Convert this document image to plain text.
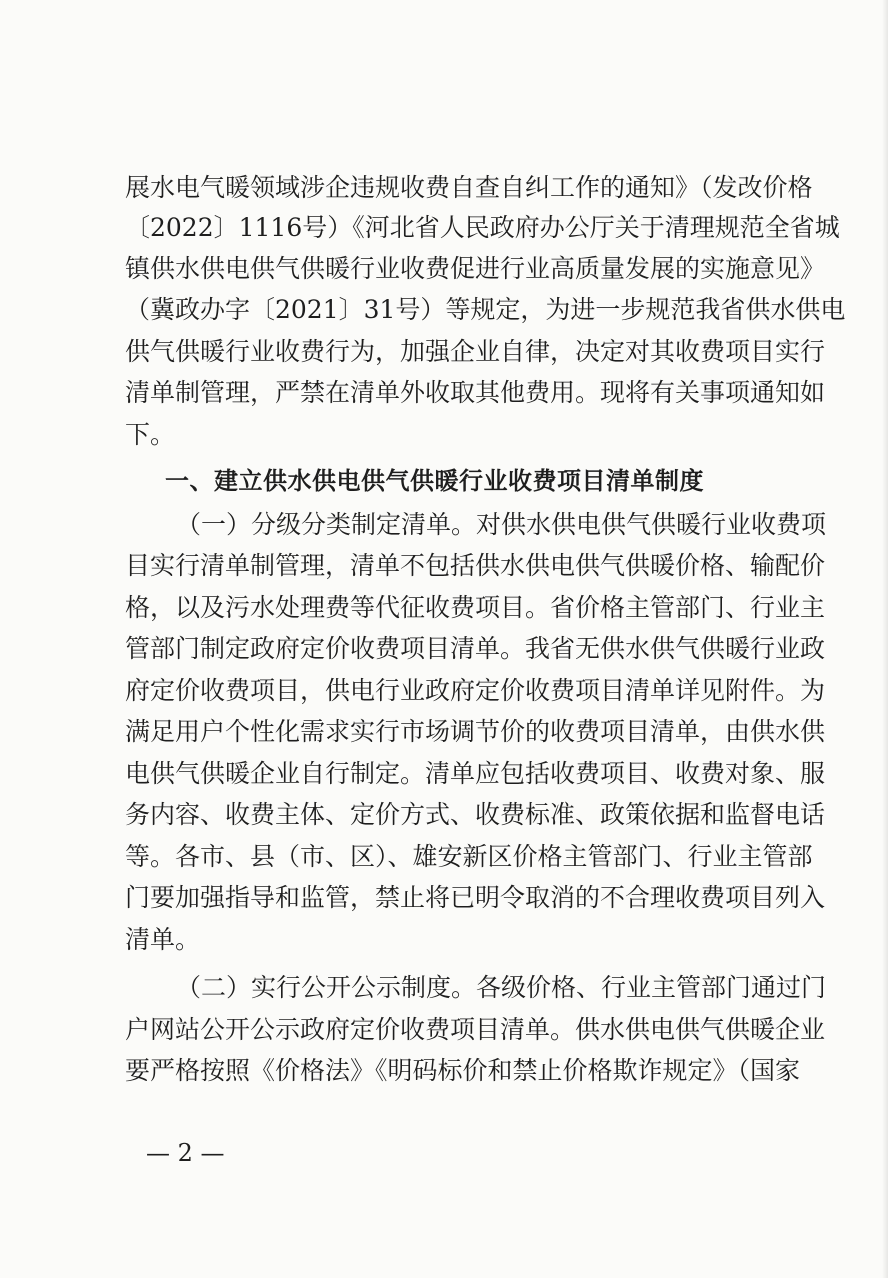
展水电气暖领域涉企违规收费自查自纠工作的通知》（发改价格
〔2022〕1116号）《河北省人民政府办公厅关于清理规范全省城
镇供水供电供气供暖行业收费促进行业高质量发展的实施意见》
（冀政办字〔2021〕31号）等规定，为进一步规范我省供水供电
供气供暖行业收费行为，加强企业自律，决定对其收费项目实行
清单制管理，严禁在清单外收取其他费用。现将有关事项通知如
下。
一、建立供水供电供气供暖行业收费项目清单制度
（一）分级分类制定清单。对供水供电供气供暖行业收费项
目实行清单制管理，清单不包括供水供电供气供暖价格、输配价
格，以及污水处理费等代征收费项目。省价格主管部门、行业主
管部门制定政府定价收费项目清单。我省无供水供气供暖行业政
府定价收费项目，供电行业政府定价收费项目清单详见附件。为
满足用户个性化需求实行市场调节价的收费项目清单，由供水供
电供气供暖企业自行制定。清单应包括收费项目、收费对象、服
务内容、收费主体、定价方式、收费标准、政策依据和监督电话
等。各市、县（市、区）、雄安新区价格主管部门、行业主管部
门要加强指导和监管，禁止将已明令取消的不合理收费项目列入
清单。
（二）实行公开公示制度。各级价格、行业主管部门通过门
户网站公开公示政府定价收费项目清单。供水供电供气供暖企业
要严格按照《价格法》《明码标价和禁止价格欺诈规定》（国家
— 2 —
